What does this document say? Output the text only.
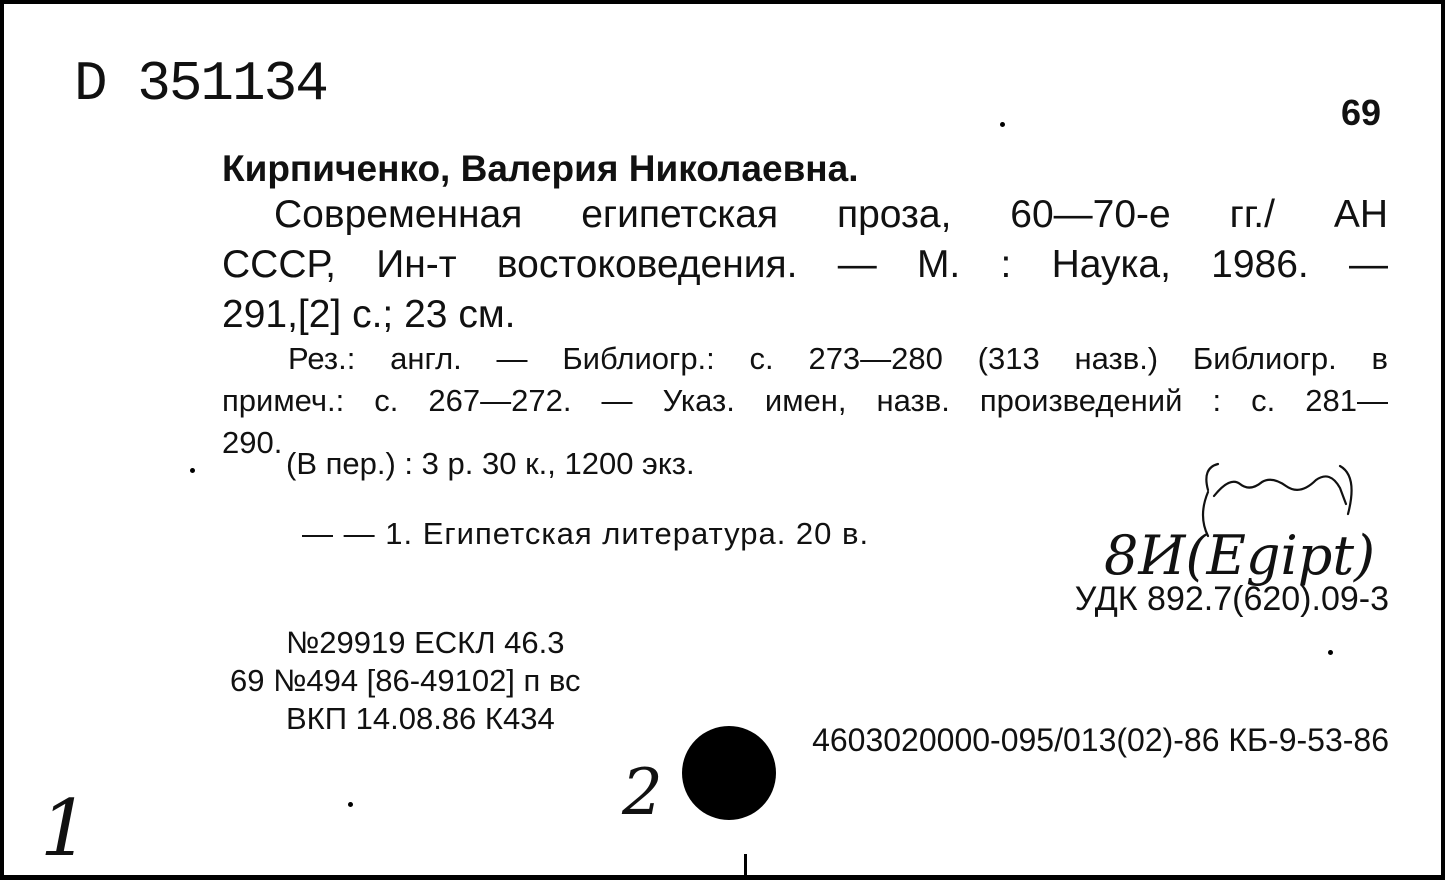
D 351134	69
Кирпиченко, Валерия Николаевна.
Современная египетская проза, 60—70-е гг./ АН
СССР, Ин-т востоковедения. — М. : Наука, 1986. —
291,[2] с.; 23 см.
Рез.: англ. — Библиогр.: с. 273—280 (313 назв.) Библиогр. в
примеч.: с. 267—272. — Указ. имен, назв. произведений : с. 281—
290.
(В пер.) : 3 р. 30 к., 1200 экз.
— — 1. Египетская литература. 20 в.	8И(Egipt)
УДК 892.7(620).09-3
№29919 ЕСКЛ 46.3
69 №494 [86-49102] п вс
ВКП 14.08.86 К434
4603020000-095/013(02)-86 КБ-9-53-86
1	2
